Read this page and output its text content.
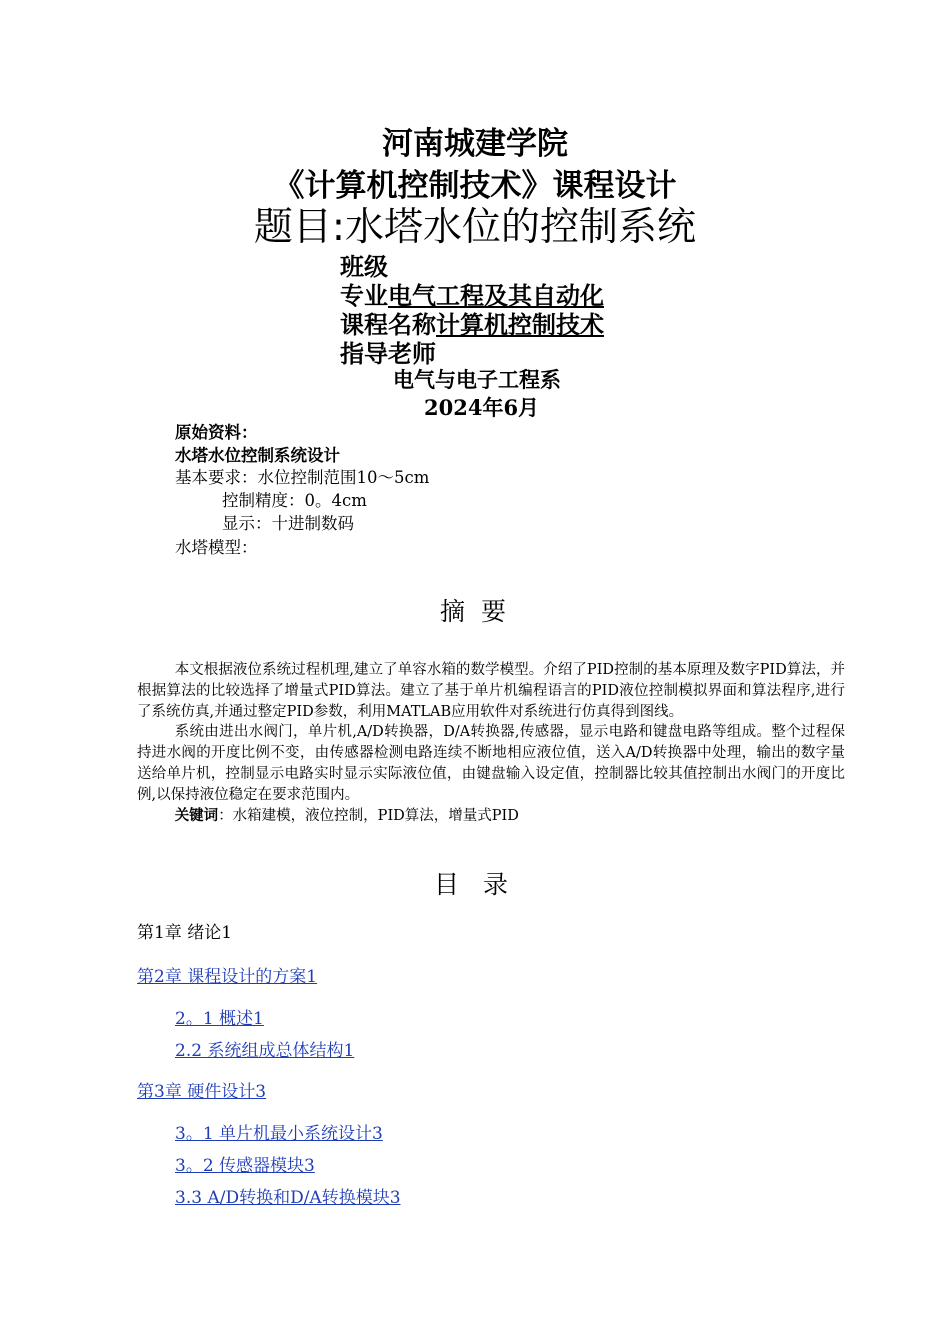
河南城建学院
《计算机控制技术》课程设计
题目:水塔水位的控制系统
班级
专业电气工程及其自动化
课程名称计算机控制技术
指导老师
电气与电子工程系
2024年6月
原始资料：
水塔水位控制系统设计
基本要求：水位控制范围10～5cm
控制精度：0。4cm
显示：十进制数码
水塔模型：
摘 要

本文根据液位系统过程机理,建立了单容水箱的数学模型。介绍了PID控制的基本原理及数字PID算法，并根据算法的比较选择了增量式PID算法。建立了基于单片机编程语言的PID液位控制模拟界面和算法程序,进行了系统仿真,并通过整定PID参数，利用MATLAB应用软件对系统进行仿真得到图线。

系统由进出水阀门，单片机,A/D转换器，D/A转换器,传感器，显示电路和键盘电路等组成。整个过程保持进水阀的开度比例不变，由传感器检测电路连续不断地相应液位值，送入A/D转换器中处理，输出的数字量送给单片机，控制显示电路实时显示实际液位值，由键盘输入设定值，控制器比较其值控制出水阀门的开度比例,以保持液位稳定在要求范围内。

关键词：水箱建模，液位控制，PID算法，增量式PID
目 录
第1章 绪论1
第2章 课程设计的方案1
2。1 概述1
2.2 系统组成总体结构1
第3章 硬件设计3
3。1 单片机最小系统设计3
3。2 传感器模块3
3.3 A/D转换和D/A转换模块3
